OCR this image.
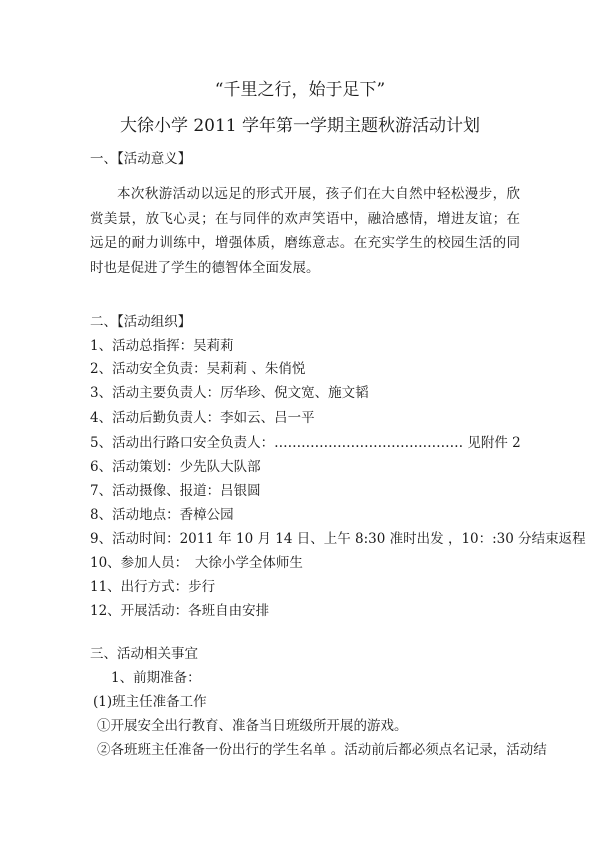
“千里之行，始于足下”
大徐小学 2011 学年第一学期主题秋游活动计划
一、【活动意义】

本次秋游活动以远足的形式开展，孩子们在大自然中轻松漫步，欣赏美景，放飞心灵；在与同伴的欢声笑语中，融洽感情，增进友谊；在远足的耐力训练中，增强体质，磨练意志。在充实学生的校园生活的同时也是促进了学生的德智体全面发展。

二、【活动组织】
1、活动总指挥：吴莉莉
2、活动安全负责：吴莉莉 、朱俏悦
3、活动主要负责人：厉华珍、倪文宽、施文韬
4、活动后勤负责人：李如云、吕一平
5、活动出行路口安全负责人：…………………………………… 见附件 2
6、活动策划：少先队大队部
7、活动摄像、报道：吕银圆
8、活动地点：香樟公园
9、活动时间：2011 年 10 月 14 日、上午 8:30 准时出发 ，10：:30 分结束返程
10、参加人员：　大徐小学全体师生
11、出行方式：步行
12、开展活动：各班自由安排
三、活动相关事宜
1、前期准备：
(1)班主任准备工作
①开展安全出行教育、准备当日班级所开展的游戏。
②各班班主任准备一份出行的学生名单 。活动前后都必须点名记录，活动结
